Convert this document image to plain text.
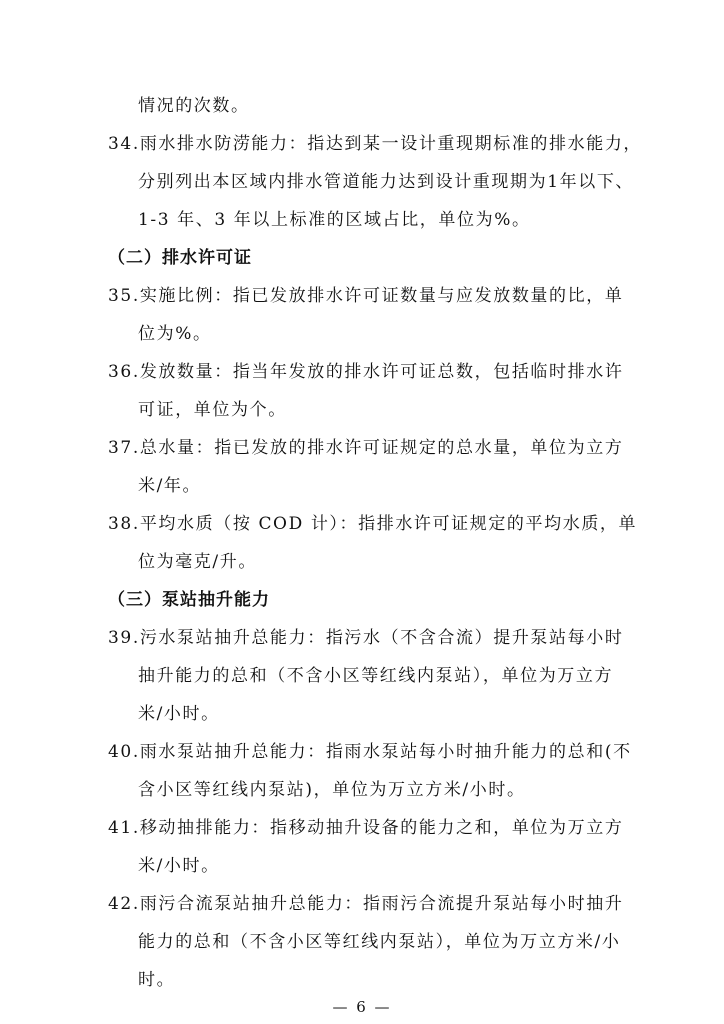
情况的次数。
34.雨水排水防涝能力：指达到某一设计重现期标准的排水能力，
分别列出本区域内排水管道能力达到设计重现期为1年以下、
1-3 年、3 年以上标准的区域占比，单位为%。
（二）排水许可证
35.实施比例：指已发放排水许可证数量与应发放数量的比，单
位为%。
36.发放数量：指当年发放的排水许可证总数，包括临时排水许
可证，单位为个。
37.总水量：指已发放的排水许可证规定的总水量，单位为立方
米/年。
38.平均水质（按 COD 计）：指排水许可证规定的平均水质，单
位为毫克/升。
（三）泵站抽升能力
39.污水泵站抽升总能力：指污水（不含合流）提升泵站每小时
抽升能力的总和（不含小区等红线内泵站），单位为万立方
米/小时。
40.雨水泵站抽升总能力：指雨水泵站每小时抽升能力的总和(不
含小区等红线内泵站)，单位为万立方米/小时。
41.移动抽排能力：指移动抽升设备的能力之和，单位为万立方
米/小时。
42.雨污合流泵站抽升总能力：指雨污合流提升泵站每小时抽升
能力的总和（不含小区等红线内泵站），单位为万立方米/小
时。
— 6 —
